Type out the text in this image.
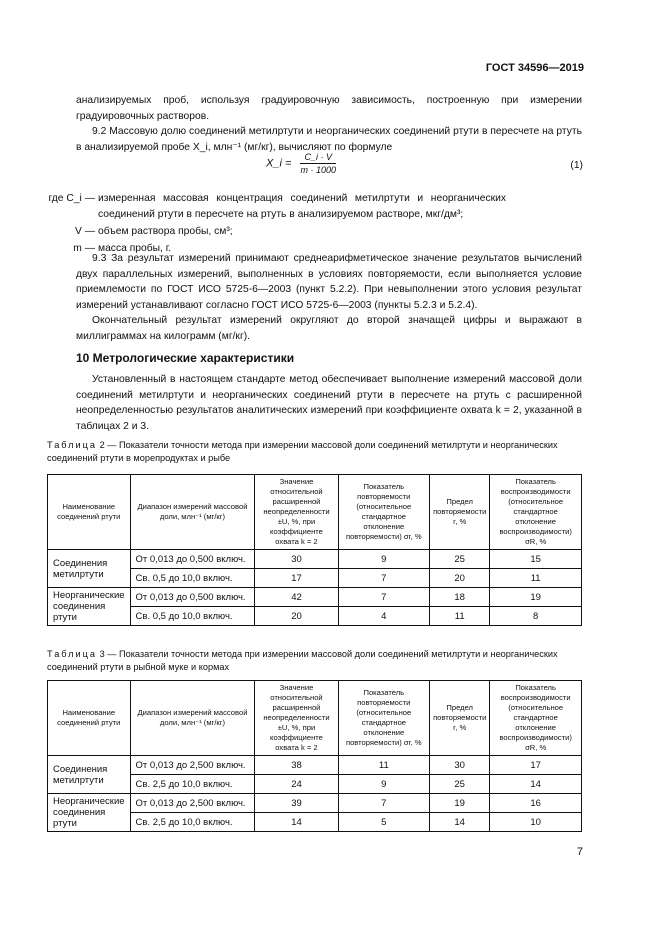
ГОСТ 34596—2019
анализируемых проб, используя градуировочную зависимость, построенную при измерении градуировочных растворов.
9.2 Массовую долю соединений метилртути и неорганических соединений ртути в пересчете на ртуть в анализируемой пробе X_i, млн⁻¹ (мг/кг), вычисляют по формуле
X_i = $\frac{C\_i \cdot V}{m \cdot 1000}$	(1)
где C_i — измеренная массовая концентрация соединений метилртути и неорганических соединений ртути в пересчете на ртуть в анализируемом растворе, мкг/дм³;
V — объем раствора пробы, см³;
m — масса пробы, г.
9.3 За результат измерений принимают среднеарифметическое значение результатов вычислений двух параллельных измерений, выполненных в условиях повторяемости, если выполняется условие приемлемости по ГОСТ ИСО 5725-6—2003 (пункт 5.2.2). При невыполнении этого условия результат измерений устанавливают согласно ГОСТ ИСО 5725-6—2003 (пункты 5.2.3 и 5.2.4).
Окончательный результат измерений округляют до второй значащей цифры и выражают в миллиграммах на килограмм (мг/кг).
10 Метрологические характеристики
Установленный в настоящем стандарте метод обеспечивает выполнение измерений массовой доли соединений метилртути и неорганических соединений ртути в пересчете на ртуть с расширенной неопределенностью результатов аналитических измерений при коэффициенте охвата k = 2, указанной в таблицах 2 и 3.
Таблица 2 — Показатели точности метода при измерении массовой доли соединений метилртути и неорганических соединений ртути в морепродуктах и рыбе
Наименование соединений ртути	Диапазон измерений массовой доли, млн⁻¹ (мг/кг)	Значение относительной расширенной неопределенности ±U, %, при коэффициенте охвата k = 2	Показатель повторяемости (относительное стандартное отклонение повторяемости) σr, %	Предел повторяемости r, %	Показатель воспроизводимости (относительное стандартное отклонение воспроизводимости) σR, %
Соединения метилртути	От 0,013 до 0,500 включ.	30	9	25	15
	Св. 0,5 до 10,0 включ.	17	7	20	11
Неорганические соединения ртути	От 0,013 до 0,500 включ.	42	7	18	19
	Св. 0,5 до 10,0 включ.	20	4	11	8
Таблица 3 — Показатели точности метода при измерении массовой доли соединений метилртути и неорганических соединений ртути в рыбной муке и кормах
Наименование соединений ртути	Диапазон измерений массовой доли, млн⁻¹ (мг/кг)	Значение относительной расширенной неопределенности ±U, %, при коэффициенте охвата k = 2	Показатель повторяемости (относительное стандартное отклонение повторяемости) σr, %	Предел повторяемости r, %	Показатель воспроизводимости (относительное стандартное отклонение воспроизводимости) σR, %
Соединения метилртути	От 0,013 до 2,500 включ.	38	11	30	17
	Св. 2,5 до 10,0 включ.	24	9	25	14
Неорганические соединения ртути	От 0,013 до 2,500 включ.	39	7	19	16
	Св. 2,5 до 10,0 включ.	14	5	14	10
7
